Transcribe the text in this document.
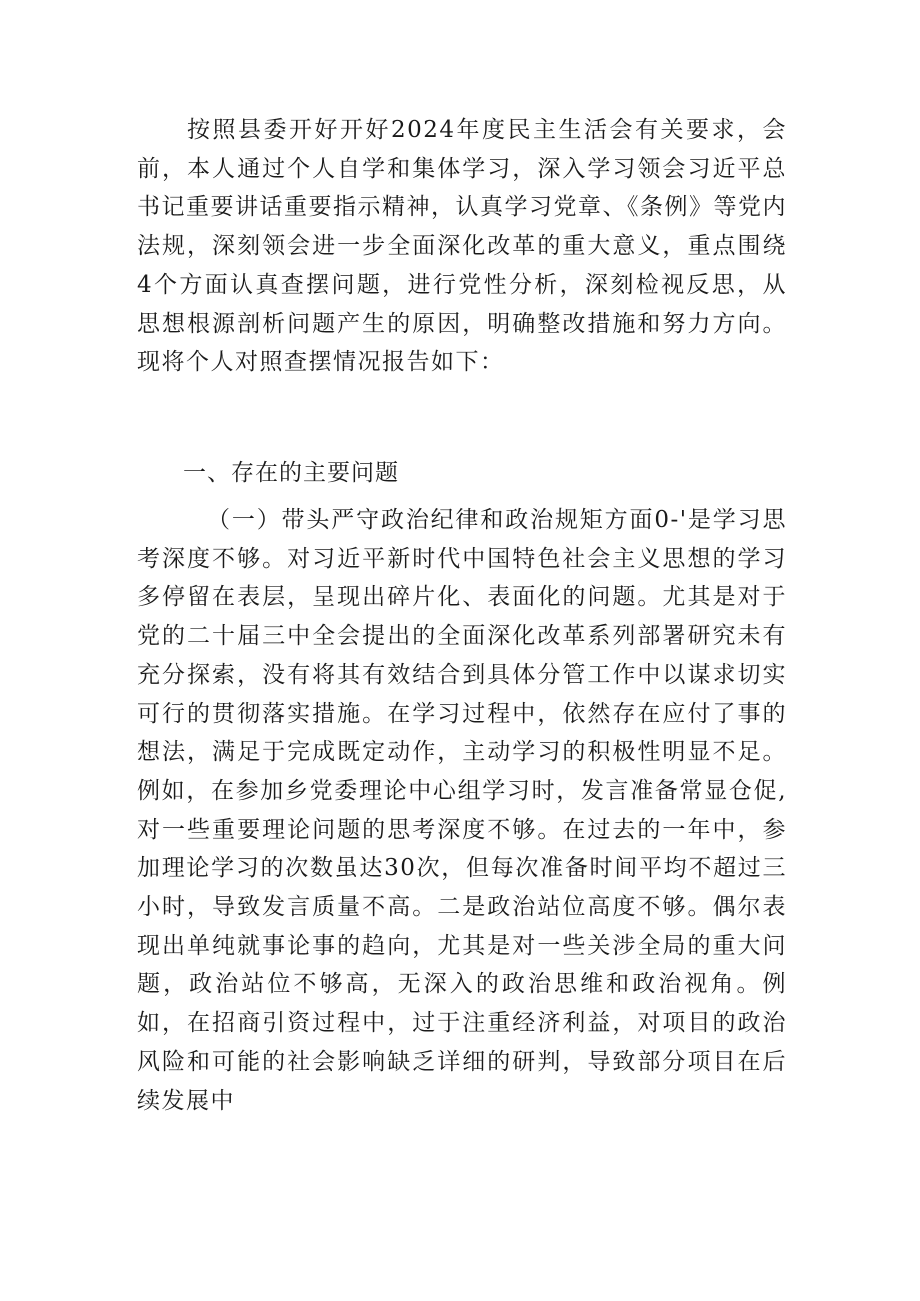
按照县委开好开好2024年度民主生活会有关要求，会前，本人通过个人自学和集体学习，深入学习领会习近平总书记重要讲话重要指示精神，认真学习党章、《条例》等党内法规，深刻领会进一步全面深化改革的重大意义，重点围绕4个方面认真查摆问题，进行党性分析，深刻检视反思，从思想根源剖析问题产生的原因，明确整改措施和努力方向。现将个人对照查摆情况报告如下：

一、存在的主要问题

（一）带头严守政治纪律和政治规矩方面0-'是学习思考深度不够。对习近平新时代中国特色社会主义思想的学习多停留在表层，呈现出碎片化、表面化的问题。尤其是对于党的二十届三中全会提出的全面深化改革系列部署研究未有充分探索，没有将其有效结合到具体分管工作中以谋求切实可行的贯彻落实措施。在学习过程中，依然存在应付了事的想法，满足于完成既定动作，主动学习的积极性明显不足。例如，在参加乡党委理论中心组学习时，发言准备常显仓促,对一些重要理论问题的思考深度不够。在过去的一年中，参加理论学习的次数虽达30次，但每次准备时间平均不超过三小时，导致发言质量不高。二是政治站位高度不够。偶尔表现出单纯就事论事的趋向，尤其是对一些关涉全局的重大问题，政治站位不够高，无深入的政治思维和政治视角。例如，在招商引资过程中，过于注重经济利益，对项目的政治风险和可能的社会影响缺乏详细的研判，导致部分项目在后续发展中
